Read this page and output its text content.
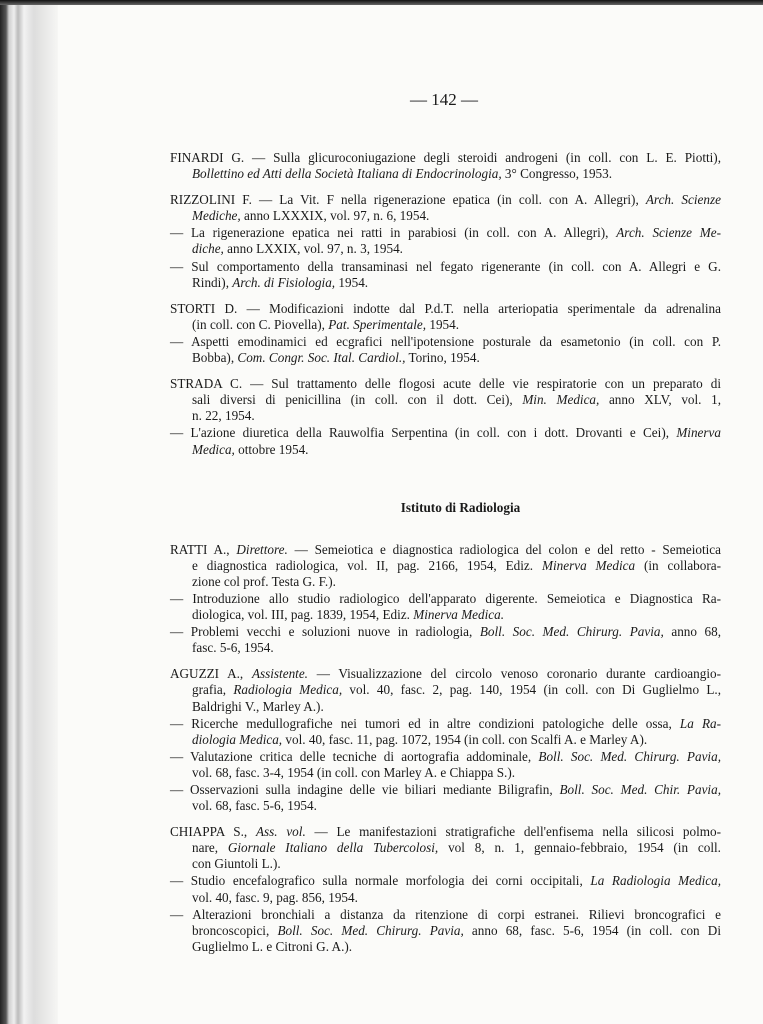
— 142 —
FINARDI G. — Sulla glicuroconiugazione degli steroidi androgeni (in coll. con L. E. Piotti),
Bollettino ed Atti della Società Italiana di Endocrinologia, 3° Congresso, 1953.
RIZZOLINI F. — La Vit. F nella rigenerazione epatica (in coll. con A. Allegri), Arch. Scienze
Mediche, anno LXXXIX, vol. 97, n. 6, 1954.
— La rigenerazione epatica nei ratti in parabiosi (in coll. con A. Allegri), Arch. Scienze Me-
diche, anno LXXIX, vol. 97, n. 3, 1954.
— Sul comportamento della transaminasi nel fegato rigenerante (in coll. con A. Allegri e G.
Rindi), Arch. di Fisiologia, 1954.
STORTI D. — Modificazioni indotte dal P.d.T. nella arteriopatia sperimentale da adrenalina
(in coll. con C. Piovella), Pat. Sperimentale, 1954.
— Aspetti emodinamici ed ecgrafici nell'ipotensione posturale da esametonio (in coll. con P.
Bobba), Com. Congr. Soc. Ital. Cardiol., Torino, 1954.
STRADA C. — Sul trattamento delle flogosi acute delle vie respiratorie con un preparato di
sali diversi di penicillina (in coll. con il dott. Cei), Min. Medica, anno XLV, vol. 1,
n. 22, 1954.
— L'azione diuretica della Rauwolfia Serpentina (in coll. con i dott. Drovanti e Cei), Minerva
Medica, ottobre 1954.
Istituto di Radiologia
RATTI A., Direttore. — Semeiotica e diagnostica radiologica del colon e del retto - Semeiotica
e diagnostica radiologica, vol. II, pag. 2166, 1954, Ediz. Minerva Medica (in collabora-
zione col prof. Testa G. F.).
— Introduzione allo studio radiologico dell'apparato digerente. Semeiotica e Diagnostica Ra-
diologica, vol. III, pag. 1839, 1954, Ediz. Minerva Medica.
— Problemi vecchi e soluzioni nuove in radiologia, Boll. Soc. Med. Chirurg. Pavia, anno 68,
fasc. 5-6, 1954.
AGUZZI A., Assistente. — Visualizzazione del circolo venoso coronario durante cardioangio-
grafia, Radiologia Medica, vol. 40, fasc. 2, pag. 140, 1954 (in coll. con Di Guglielmo L.,
Baldrighi V., Marley A.).
— Ricerche medullografiche nei tumori ed in altre condizioni patologiche delle ossa, La Ra-
diologia Medica, vol. 40, fasc. 11, pag. 1072, 1954 (in coll. con Scalfi A. e Marley A).
— Valutazione critica delle tecniche di aortografia addominale, Boll. Soc. Med. Chirurg. Pavia,
vol. 68, fasc. 3-4, 1954 (in coll. con Marley A. e Chiappa S.).
— Osservazioni sulla indagine delle vie biliari mediante Biligrafin, Boll. Soc. Med. Chir. Pavia,
vol. 68, fasc. 5-6, 1954.
CHIAPPA S., Ass. vol. — Le manifestazioni stratigrafiche dell'enfisema nella silicosi polmo-
nare, Giornale Italiano della Tubercolosi, vol 8, n. 1, gennaio-febbraio, 1954 (in coll.
con Giuntoli L.).
— Studio encefalografico sulla normale morfologia dei corni occipitali, La Radiologia Medica,
vol. 40, fasc. 9, pag. 856, 1954.
— Alterazioni bronchiali a distanza da ritenzione di corpi estranei. Rilievi broncografici e
broncoscopici, Boll. Soc. Med. Chirurg. Pavia, anno 68, fasc. 5-6, 1954 (in coll. con Di
Guglielmo L. e Citroni G. A.).
